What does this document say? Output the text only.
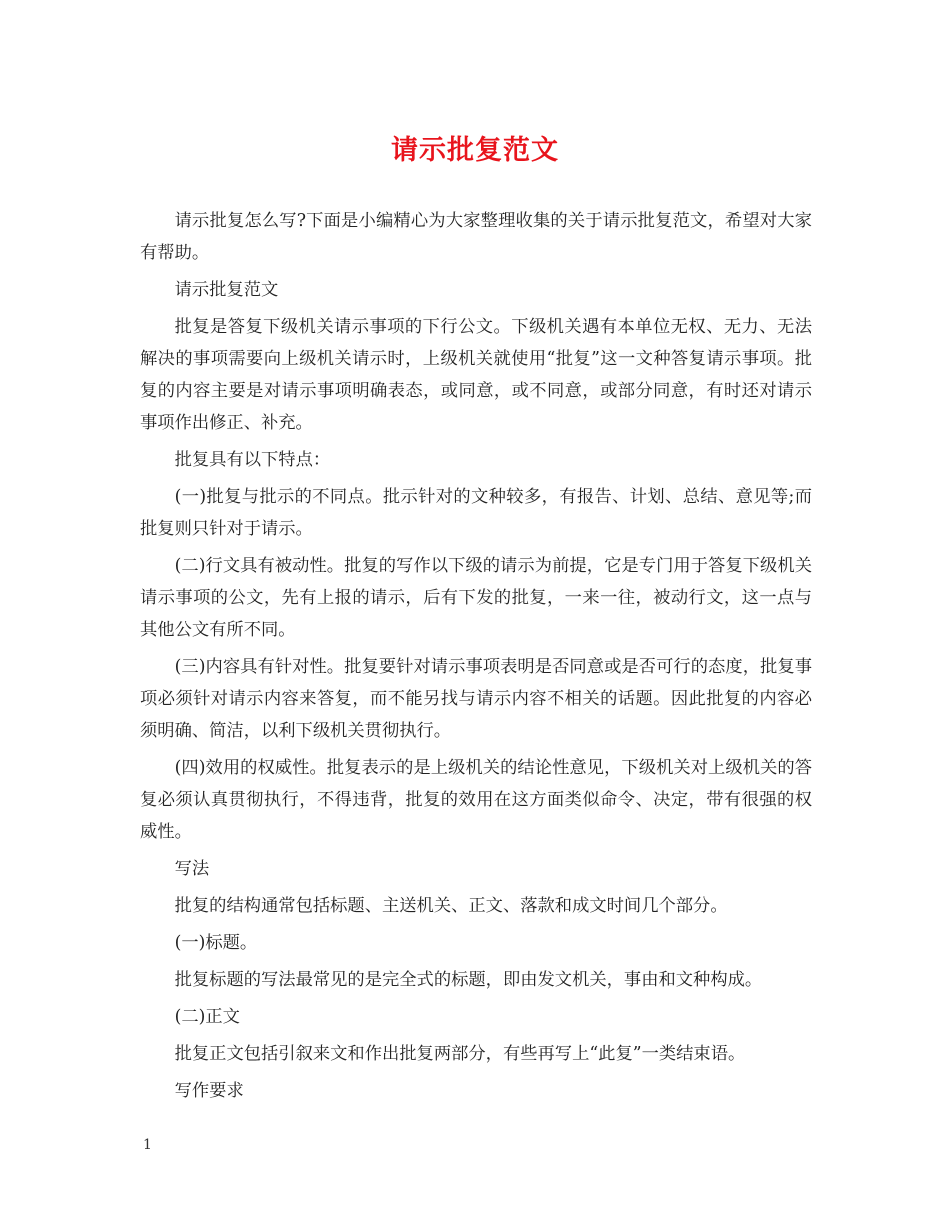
请示批复范文

请示批复怎么写?下面是小编精心为大家整理收集的关于请示批复范文，希望对大家有帮助。

请示批复范文

批复是答复下级机关请示事项的下行公文。下级机关遇有本单位无权、无力、无法解决的事项需要向上级机关请示时，上级机关就使用“批复”这一文种答复请示事项。批复的内容主要是对请示事项明确表态，或同意，或不同意，或部分同意，有时还对请示事项作出修正、补充。

批复具有以下特点：

(一)批复与批示的不同点。批示针对的文种较多，有报告、计划、总结、意见等;而批复则只针对于请示。

(二)行文具有被动性。批复的写作以下级的请示为前提，它是专门用于答复下级机关请示事项的公文，先有上报的请示，后有下发的批复，一来一往，被动行文，这一点与其他公文有所不同。

(三)内容具有针对性。批复要针对请示事项表明是否同意或是否可行的态度，批复事项必须针对请示内容来答复，而不能另找与请示内容不相关的话题。因此批复的内容必须明确、简洁，以利下级机关贯彻执行。

(四)效用的权威性。批复表示的是上级机关的结论性意见，下级机关对上级机关的答复必须认真贯彻执行，不得违背，批复的效用在这方面类似命令、决定，带有很强的权威性。

写法

批复的结构通常包括标题、主送机关、正文、落款和成文时间几个部分。

(一)标题。

批复标题的写法最常见的是完全式的标题，即由发文机关，事由和文种构成。

(二)正文

批复正文包括引叙来文和作出批复两部分，有些再写上“此复”一类结束语。

写作要求

1
